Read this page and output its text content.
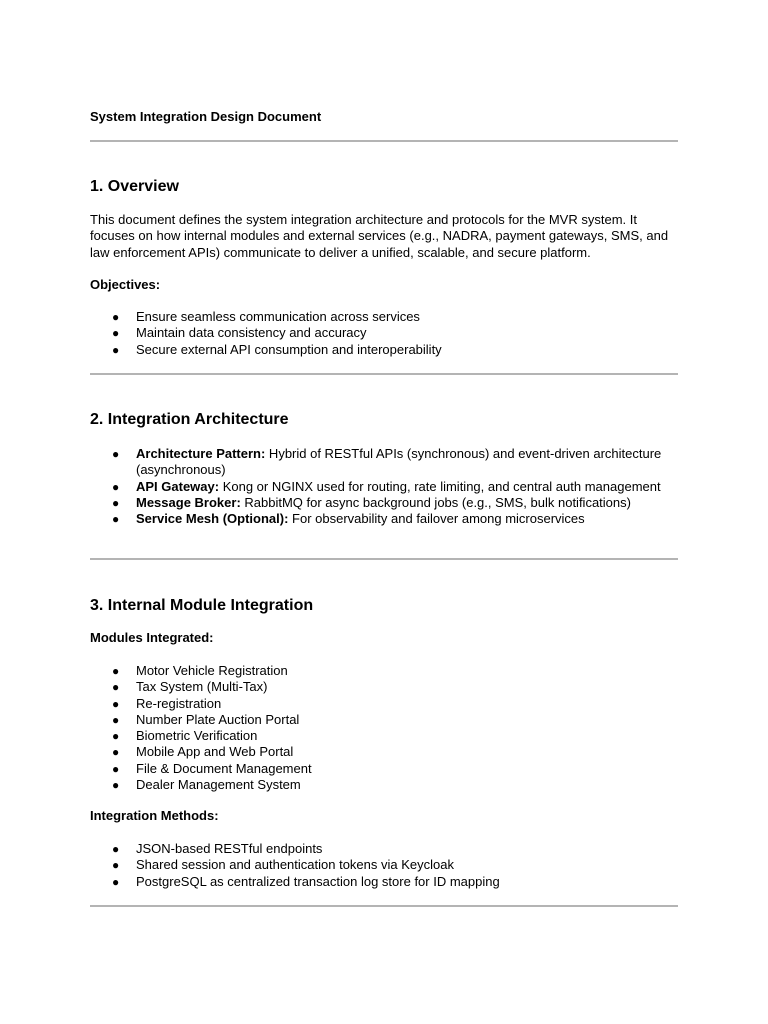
System Integration Design Document
1. Overview

This document defines the system integration architecture and protocols for the MVR system. It focuses on how internal modules and external services (e.g., NADRA, payment gateways, SMS, and law enforcement APIs) communicate to deliver a unified, scalable, and secure platform.

Objectives:
● Ensure seamless communication across services
● Maintain data consistency and accuracy
● Secure external API consumption and interoperability
2. Integration Architecture
● Architecture Pattern: Hybrid of RESTful APIs (synchronous) and event-driven architecture (asynchronous)
● API Gateway: Kong or NGINX used for routing, rate limiting, and central auth management
● Message Broker: RabbitMQ for async background jobs (e.g., SMS, bulk notifications)
● Service Mesh (Optional): For observability and failover among microservices
3. Internal Module Integration
Modules Integrated:
● Motor Vehicle Registration
● Tax System (Multi-Tax)
● Re-registration
● Number Plate Auction Portal
● Biometric Verification
● Mobile App and Web Portal
● File & Document Management
● Dealer Management System
Integration Methods:
● JSON-based RESTful endpoints
● Shared session and authentication tokens via Keycloak
● PostgreSQL as centralized transaction log store for ID mapping
